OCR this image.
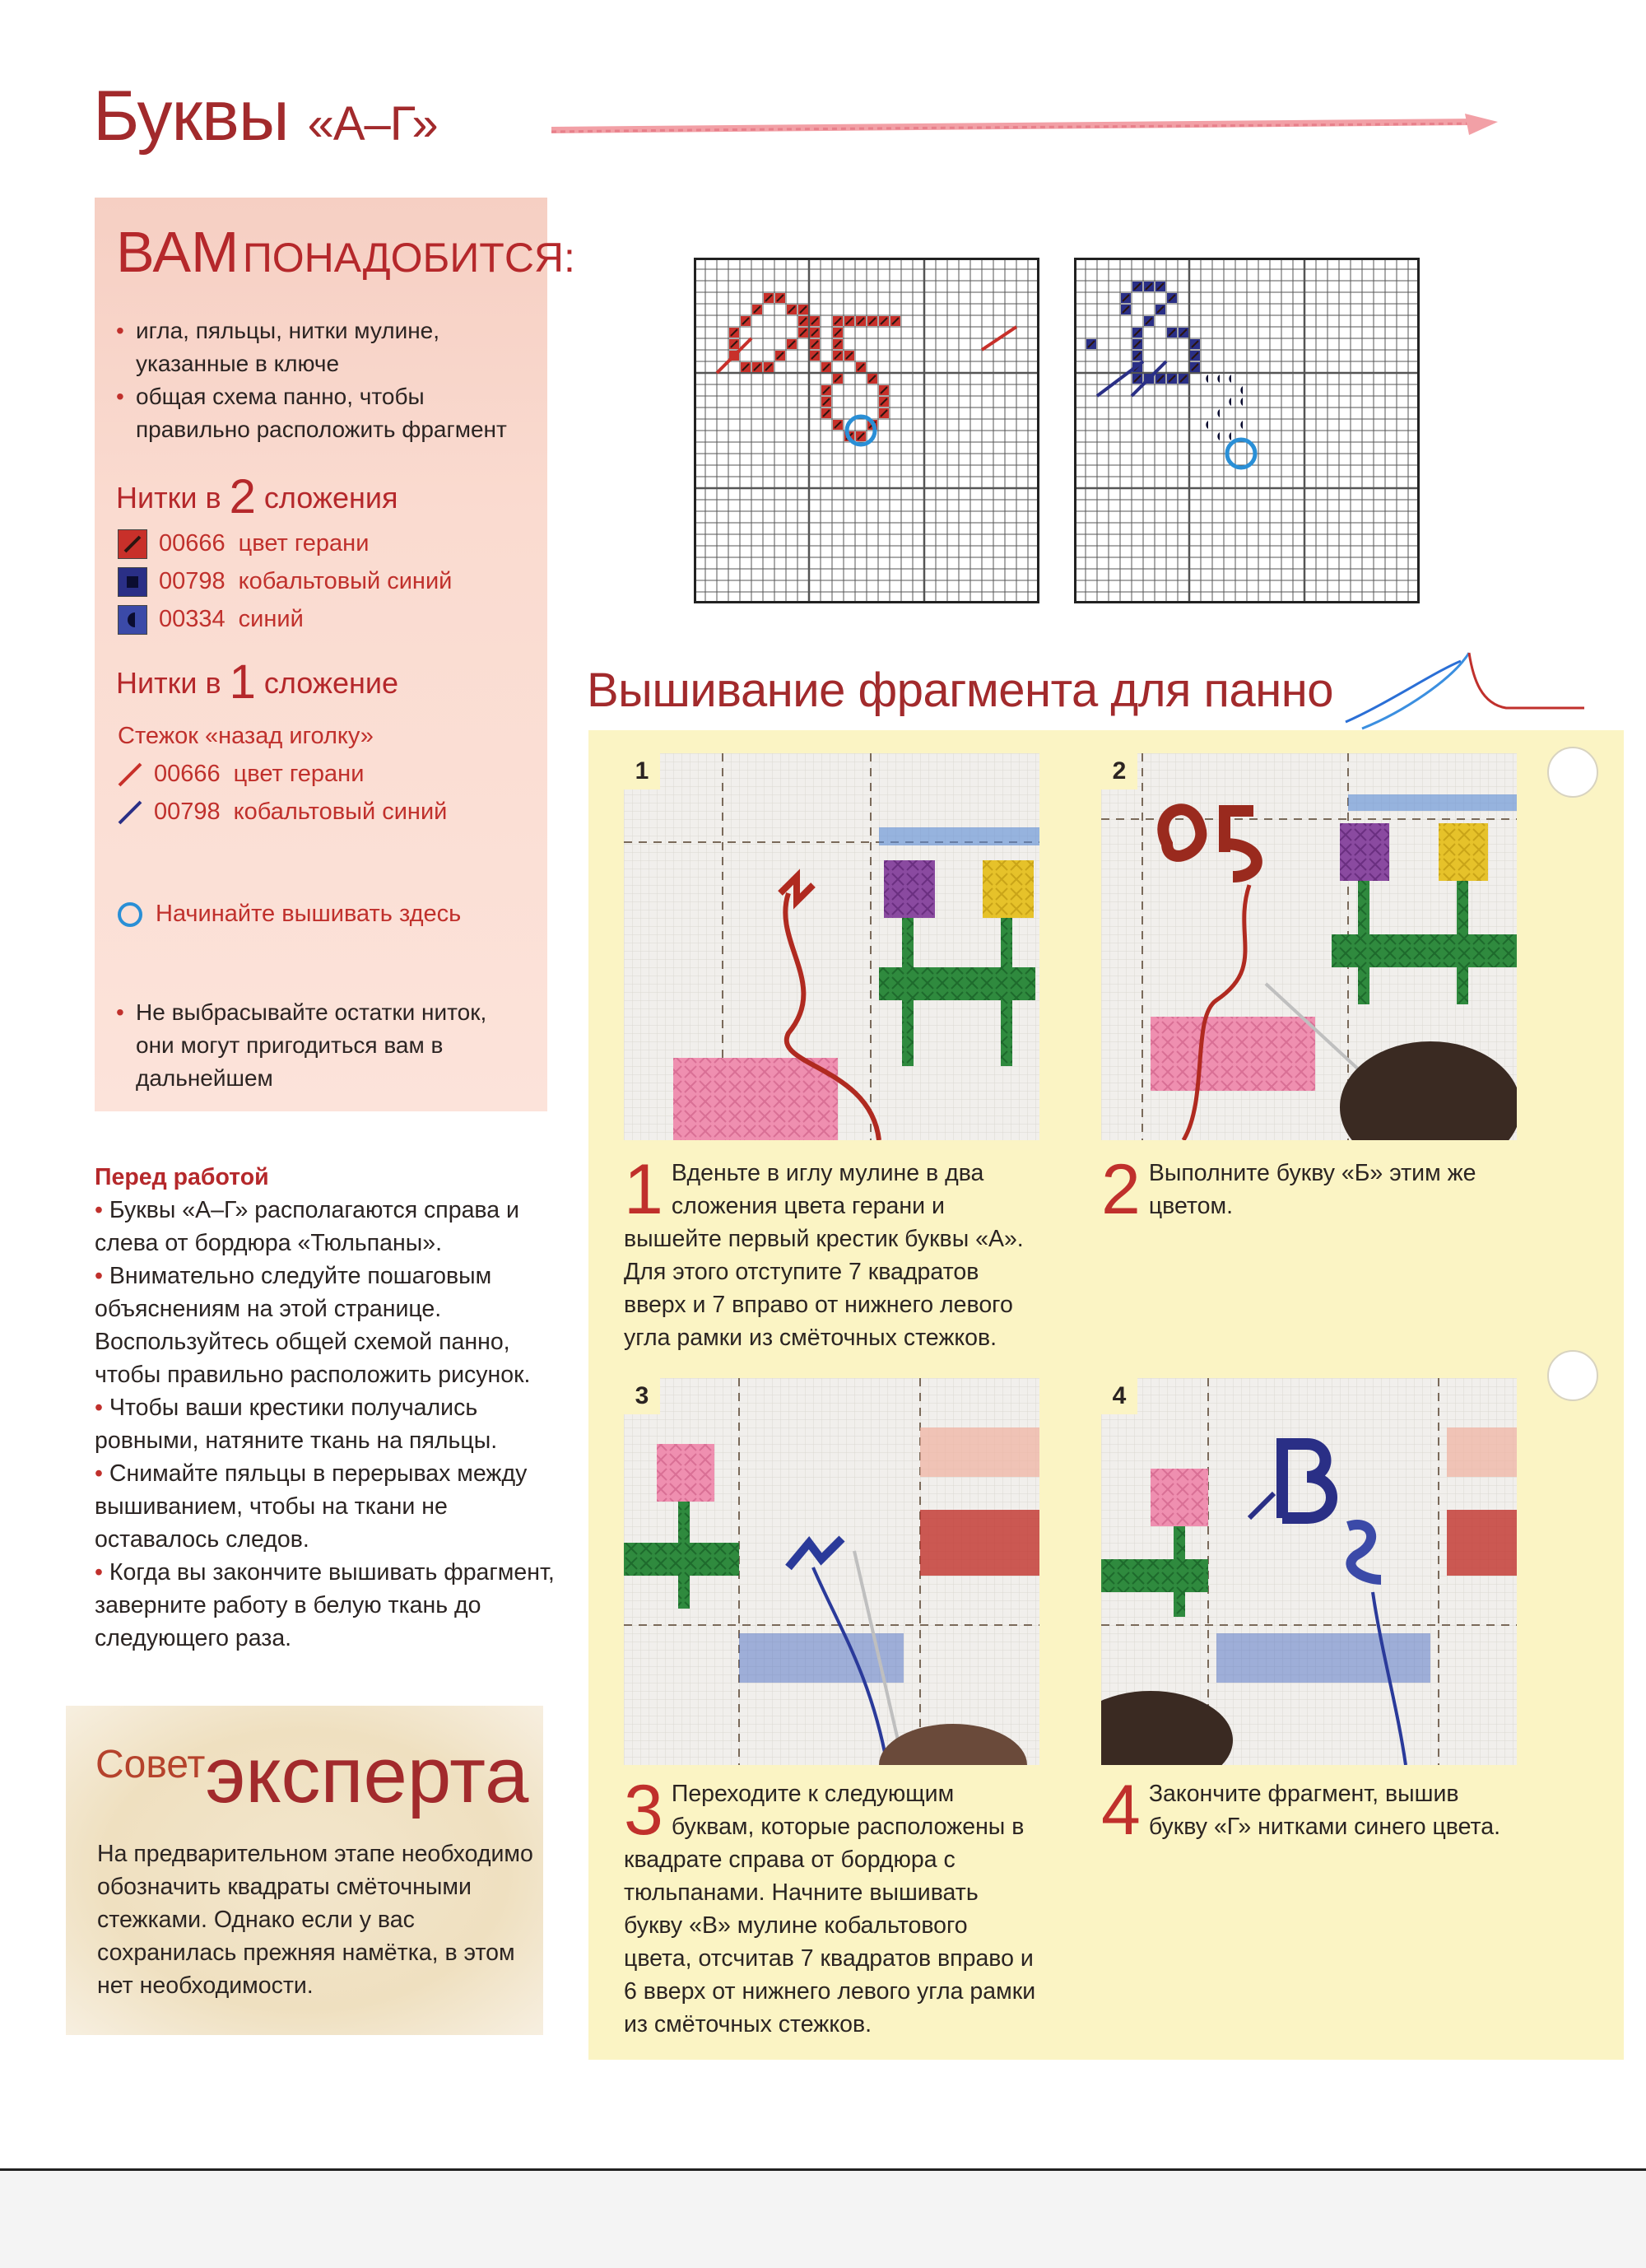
Буквы «А–Г»
ВАМ ПОНАДОБИТСЯ:
• игла, пяльцы, нитки мулине, указанные в ключе
• общая схема панно, чтобы правильно расположить фрагмент
Нитки в 2 сложения
00666 цвет герани
00798 кобальтовый синий
00334 синий
Нитки в 1 сложение
Стежок «назад иголку»
00666 цвет герани
00798 кобальтовый синий
Начинайте вышивать здесь
• Не выбрасывайте остатки ниток, они могут пригодиться вам в дальнейшем
Перед работой
• Буквы «А–Г» располагаются справа и слева от бордюра «Тюльпаны».
• Внимательно следуйте пошаговым объяснениям на этой странице. Воспользуйтесь общей схемой панно, чтобы правильно расположить рисунок.
• Чтобы ваши крестики получались ровными, натяните ткань на пяльцы.
• Снимайте пяльцы в перерывах между вышиванием, чтобы на ткани не оставалось следов.
• Когда вы закончите вышивать фрагмент, заверните работу в белую ткань до следующего раза.
Советэксперта
На предварительном этапе необходимо обозначить квадраты смёточными стежками. Однако если у вас сохранилась прежняя намётка, в этом нет необходимости.
Вышивание фрагмента для панно
1	2
1 Вденьте в иглу мулине в два сложения цвета герани и вышейте первый крестик буквы «А». Для этого отступите 7 квадратов вверх и 7 вправо от нижнего левого угла рамки из смёточных стежков.
2 Выполните букву «Б» этим же цветом.
3	4
3 Переходите к следующим буквам, которые расположены в квадрате справа от бордюра с тюльпанами. Начните вышивать букву «В» мулине кобальтового цвета, отсчитав 7 квадратов вправо и 6 вверх от нижнего левого угла рамки из смёточных стежков.
4 Закончите фрагмент, вышив букву «Г» нитками синего цвета.
